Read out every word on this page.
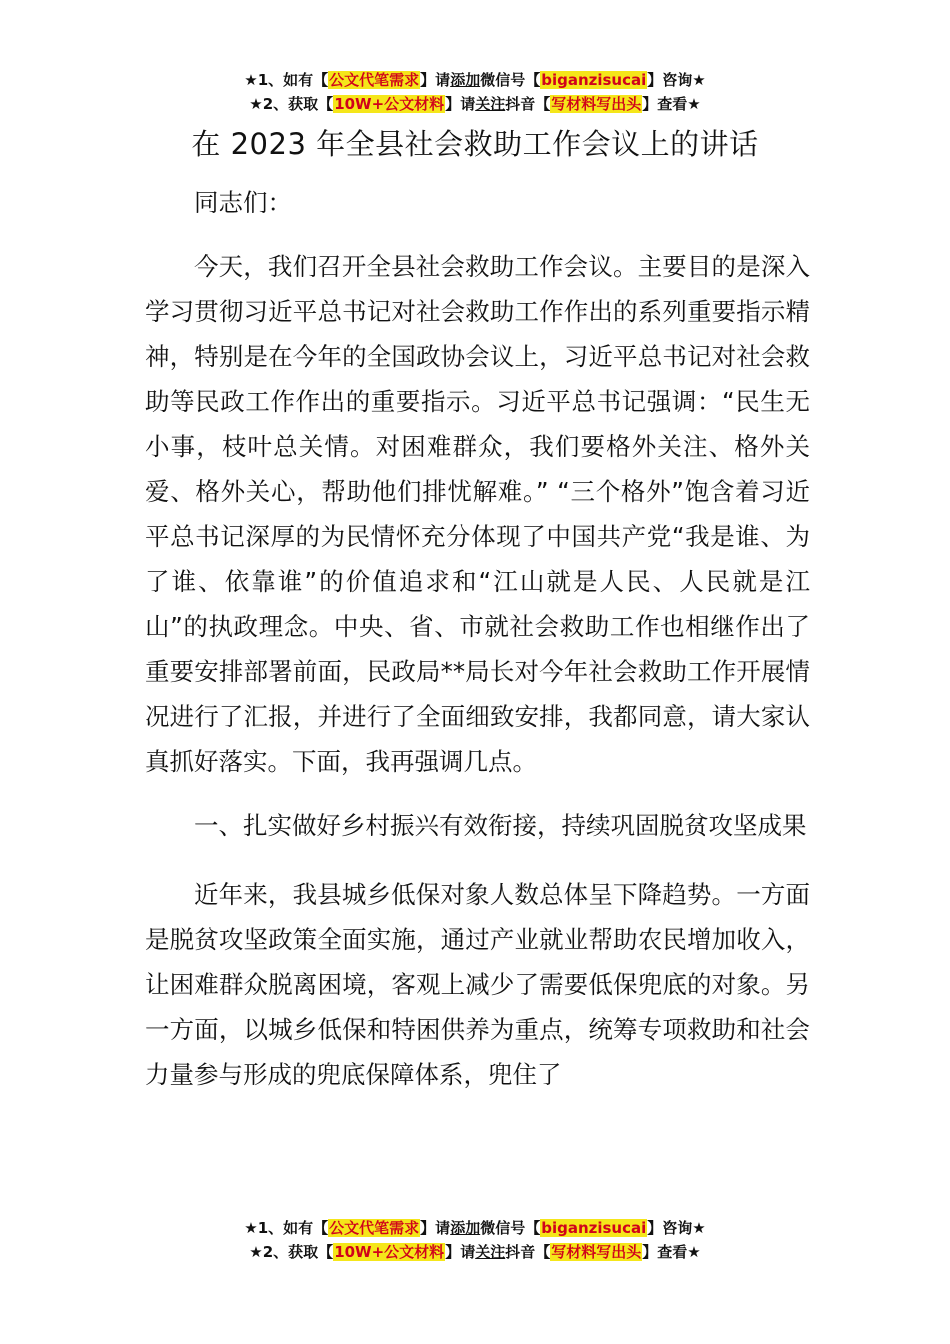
★1、如有【公文代笔需求】请添加微信号【biganzisucai】咨询★
★2、获取【10W+公文材料】请关注抖音【写材料写出头】查看★
在 2023 年全县社会救助工作会议上的讲话

同志们：

今天，我们召开全县社会救助工作会议。主要目的是深入学习贯彻习近平总书记对社会救助工作作出的系列重要指示精神，特别是在今年的全国政协会议上，习近平总书记对社会救助等民政工作作出的重要指示。习近平总书记强调：“民生无小事，枝叶总关情。对困难群众，我们要格外关注、格外关爱、格外关心，帮助他们排忧解难。” “三个格外”饱含着习近平总书记深厚的为民情怀充分体现了中国共产党“我是谁、为了谁、依靠谁”的价值追求和“江山就是人民、人民就是江山”的执政理念。中央、省、市就社会救助工作也相继作出了重要安排部署前面，民政局**局长对今年社会救助工作开展情况进行了汇报，并进行了全面细致安排，我都同意，请大家认真抓好落实。下面，我再强调几点。

一、扎实做好乡村振兴有效衔接，持续巩固脱贫攻坚成果

近年来，我县城乡低保对象人数总体呈下降趋势。一方面是脱贫攻坚政策全面实施，通过产业就业帮助农民增加收入，让困难群众脱离困境，客观上减少了需要低保兜底的对象。另一方面，以城乡低保和特困供养为重点，统筹专项救助和社会力量参与形成的兜底保障体系，兜住了

★1、如有【公文代笔需求】请添加微信号【biganzisucai】咨询★
★2、获取【10W+公文材料】请关注抖音【写材料写出头】查看★
